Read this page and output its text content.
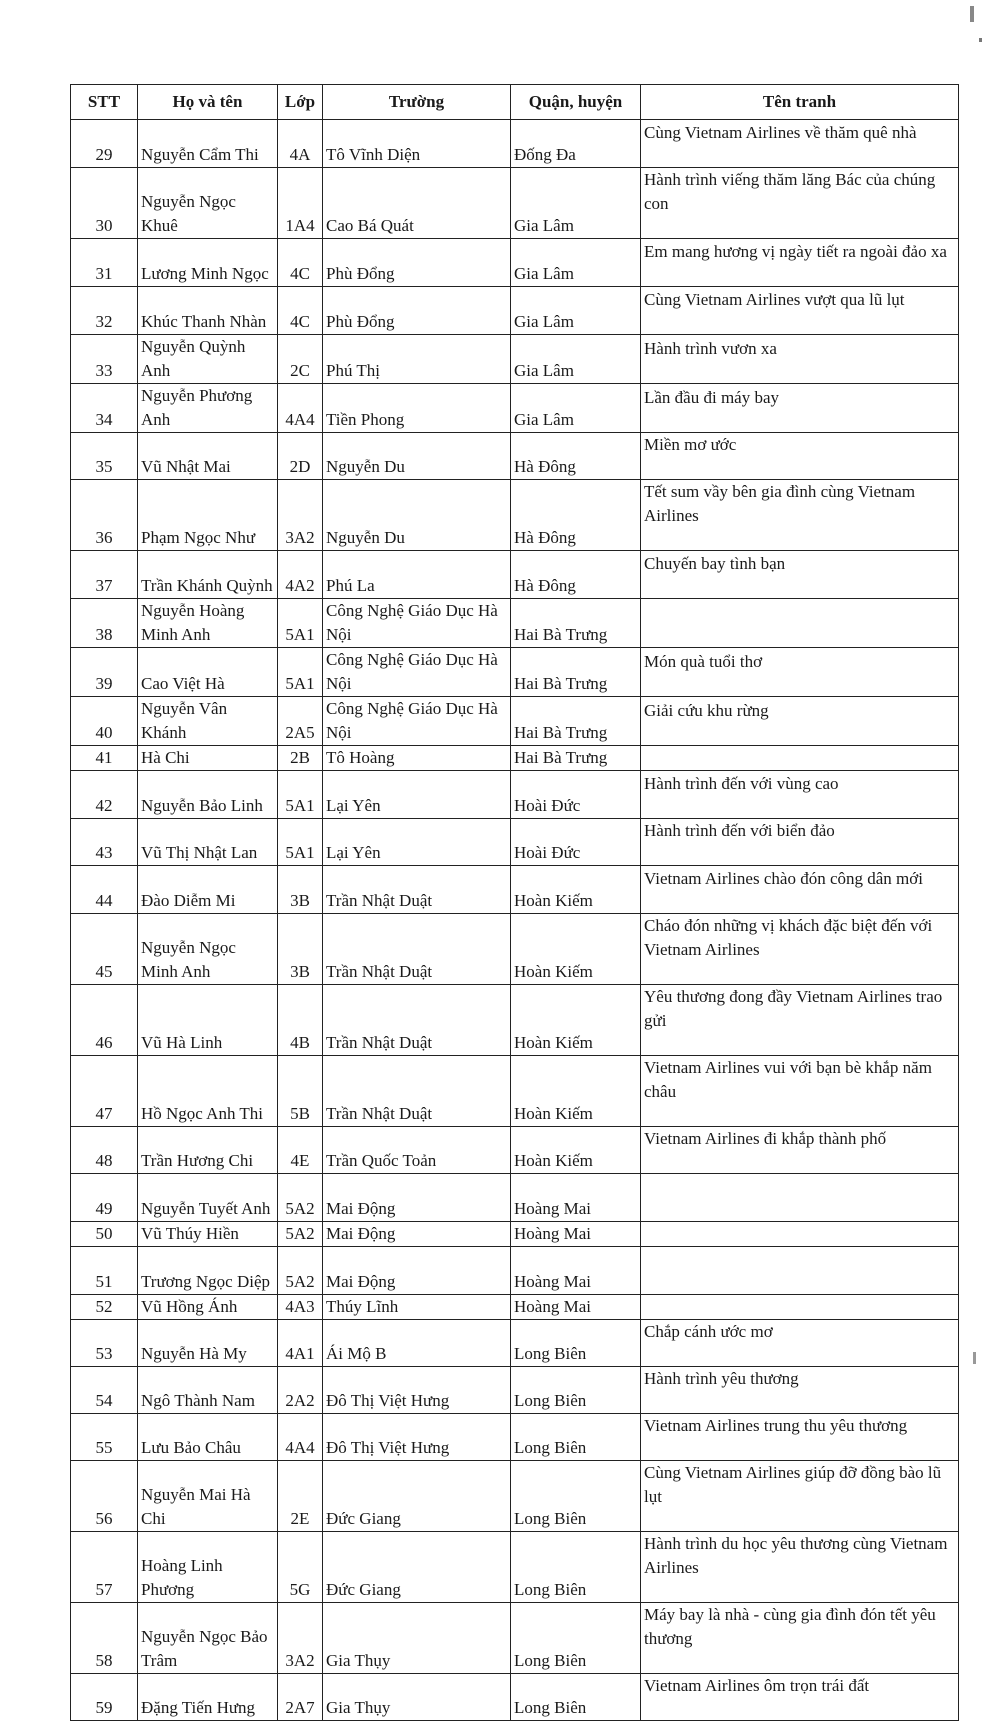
STT	Họ và tên	Lớp	Trường	Quận, huyện	Tên tranh
29	Nguyễn Cẩm Thi	4A	Tô Vĩnh Diện	Đống Đa	Cùng Vietnam Airlines về thăm quê nhà

30	Nguyễn Ngọc Khuê	1A4	Cao Bá Quát	Gia Lâm	Hành trình viếng thăm lăng Bác của chúng con

31	Lương Minh Ngọc	4C	Phù Đổng	Gia Lâm	Em mang hương vị ngày tiết ra ngoài đảo xa

32	Khúc Thanh Nhàn	4C	Phù Đổng	Gia Lâm	Cùng Vietnam Airlines vượt qua lũ lụt

33	Nguyễn Quỳnh Anh	2C	Phú Thị	Gia Lâm	Hành trình vươn xa

34	Nguyễn Phương Anh	4A4	Tiền Phong	Gia Lâm	Lần đầu đi máy bay

35	Vũ Nhật Mai	2D	Nguyễn Du	Hà Đông	Miền mơ ước

36	Phạm Ngọc Như	3A2	Nguyễn Du	Hà Đông	Tết sum vầy bên gia đình cùng Vietnam Airlines

37	Trần Khánh Quỳnh	4A2	Phú La	Hà Đông	Chuyến bay tình bạn

38	Nguyễn Hoàng Minh Anh	5A1	Công Nghệ Giáo Dục Hà Nội	Hai Bà Trưng	

39	Cao Việt Hà	5A1	Công Nghệ Giáo Dục Hà Nội	Hai Bà Trưng	Món quà tuổi thơ

40	Nguyễn Vân Khánh	2A5	Công Nghệ Giáo Dục Hà Nội	Hai Bà Trưng	Giải cứu khu rừng

41	Hà Chi	2B	Tô Hoàng	Hai Bà Trưng	

42	Nguyễn Bảo Linh	5A1	Lại Yên	Hoài Đức	Hành trình đến với vùng cao

43	Vũ Thị Nhật Lan	5A1	Lại Yên	Hoài Đức	Hành trình đến với biển đảo

44	Đào Diễm Mi	3B	Trần Nhật Duật	Hoàn Kiếm	Vietnam Airlines chào đón công dân mới

45	Nguyễn Ngọc Minh Anh	3B	Trần Nhật Duật	Hoàn Kiếm	Cháo đón những vị khách đặc biệt đến với Vietnam Airlines

46	Vũ Hà Linh	4B	Trần Nhật Duật	Hoàn Kiếm	Yêu thương đong đầy Vietnam Airlines trao gửi

47	Hồ Ngọc Anh Thi	5B	Trần Nhật Duật	Hoàn Kiếm	Vietnam Airlines vui với bạn bè khắp năm châu

48	Trần Hương Chi	4E	Trần Quốc Toản	Hoàn Kiếm	Vietnam Airlines đi khắp thành phố

49	Nguyễn Tuyết Anh	5A2	Mai Động	Hoàng Mai	

50	Vũ Thúy Hiền	5A2	Mai Động	Hoàng Mai	

51	Trương Ngọc Diệp	5A2	Mai Động	Hoàng Mai	

52	Vũ Hồng Ánh	4A3	Thúy Lĩnh	Hoàng Mai	

53	Nguyễn Hà My	4A1	Ái Mộ B	Long Biên	Chắp cánh ước mơ

54	Ngô Thành Nam	2A2	Đô Thị Việt Hưng	Long Biên	Hành trình yêu thương

55	Lưu Bảo Châu	4A4	Đô Thị Việt Hưng	Long Biên	Vietnam Airlines trung thu yêu thương

56	Nguyễn Mai Hà Chi	2E	Đức Giang	Long Biên	Cùng Vietnam Airlines giúp đỡ đồng bào lũ lụt

57	Hoàng Linh Phương	5G	Đức Giang	Long Biên	Hành trình du học yêu thương cùng Vietnam Airlines

58	Nguyễn Ngọc Bảo Trâm	3A2	Gia Thụy	Long Biên	Máy bay là nhà - cùng gia đình đón tết yêu thương

59	Đặng Tiến Hưng	2A7	Gia Thụy	Long Biên	Vietnam Airlines ôm trọn trái đất
